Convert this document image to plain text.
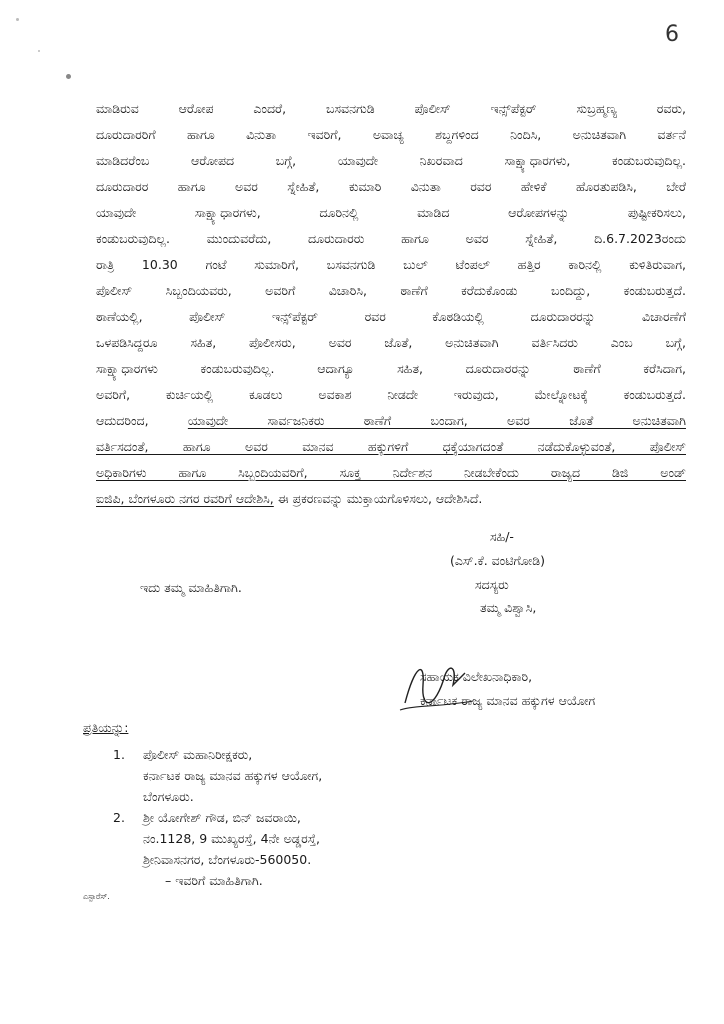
6
ಮಾಡಿರುವ ಆರೋಪ ಎಂದರೆ, ಬಸವನಗುಡಿ ಪೊಲೀಸ್ ಇನ್ಸ್‌ಪೆಕ್ಟರ್ ಸುಬ್ರಹ್ಮಣ್ಯ ರವರು,
ದೂರುದಾರರಿಗೆ ಹಾಗೂ ವಿನುತಾ ಇವರಿಗೆ, ಅವಾಚ್ಯ ಶಬ್ದಗಳಿಂದ ನಿಂದಿಸಿ, ಅನುಚಿತವಾಗಿ ವರ್ತನೆ
ಮಾಡಿದರೆಂಬ ಆರೋಪದ ಬಗ್ಗೆ, ಯಾವುದೇ ನಿಖರವಾದ ಸಾಕ್ಷ್ಯಾಧಾರಗಳು, ಕಂಡುಬರುವುದಿಲ್ಲ.
ದೂರುದಾರರ ಹಾಗೂ ಅವರ ಸ್ನೇಹಿತೆ, ಕುಮಾರಿ ವಿನುತಾ ರವರ ಹೇಳಿಕೆ ಹೊರತುಪಡಿಸಿ, ಬೇರೆ
ಯಾವುದೇ ಸಾಕ್ಷ್ಯಾಧಾರಗಳು, ದೂರಿನಲ್ಲಿ ಮಾಡಿದ ಆರೋಪಗಳನ್ನು ಪುಷ್ಟೀಕರಿಸಲು,
ಕಂಡುಬರುವುದಿಲ್ಲ. ಮುಂದುವರೆದು, ದೂರುದಾರರು ಹಾಗೂ ಅವರ ಸ್ನೇಹಿತೆ, ದಿ.6.7.2023ರಂದು
ರಾತ್ರಿ 10.30 ಗಂಟೆ ಸುಮಾರಿಗೆ, ಬಸವನಗುಡಿ ಬುಲ್ ಟೆಂಪಲ್ ಹತ್ತಿರ ಕಾರಿನಲ್ಲಿ ಕುಳಿತಿರುವಾಗ,
ಪೊಲೀಸ್ ಸಿಬ್ಬಂದಿಯವರು, ಅವರಿಗೆ ವಿಚಾರಿಸಿ, ಠಾಣೆಗೆ ಕರೆದುಕೊಂಡು ಬಂದಿದ್ದು, ಕಂಡುಬರುತ್ತದೆ.
ಠಾಣೆಯಲ್ಲಿ, ಪೊಲೀಸ್ ಇನ್ಸ್‌ಪೆಕ್ಟರ್ ರವರ ಕೊಠಡಿಯಲ್ಲಿ ದೂರುದಾರರನ್ನು ವಿಚಾರಣೆಗೆ
ಒಳಪಡಿಸಿದ್ದರೂ ಸಹಿತ, ಪೊಲೀಸರು, ಅವರ ಜೊತೆ, ಅನುಚಿತವಾಗಿ ವರ್ತಿಸಿದರು ಎಂಬ ಬಗ್ಗೆ,
ಸಾಕ್ಷ್ಯಾಧಾರಗಳು ಕಂಡುಬರುವುದಿಲ್ಲ. ಆದಾಗ್ಯೂ ಸಹಿತ, ದೂರುದಾರರನ್ನು ಠಾಣೆಗೆ ಕರೆಸಿದಾಗ,
ಅವರಿಗೆ, ಕುರ್ಚಿಯಲ್ಲಿ ಕೂಡಲು ಅವಕಾಶ ನೀಡದೇ ಇರುವುದು, ಮೇಲ್ನೋಟಕ್ಕೆ ಕಂಡುಬರುತ್ತದೆ.
ಆದುದರಿಂದ, ಯಾವುದೇ ಸಾರ್ವಜನಿಕರು ಠಾಣೆಗೆ ಬಂದಾಗ, ಅವರ ಜೊತೆ ಅನುಚಿತವಾಗಿ
ವರ್ತಿಸದಂತೆ, ಹಾಗೂ ಅವರ ಮಾನವ ಹಕ್ಕುಗಳಿಗೆ ಧಕ್ಕೆಯಾಗದಂತೆ ನಡೆದುಕೊಳ್ಳುವಂತೆ, ಪೊಲೀಸ್
ಅಧಿಕಾರಿಗಳು ಹಾಗೂ ಸಿಬ್ಬಂದಿಯವರಿಗೆ, ಸೂಕ್ತ ನಿರ್ದೇಶನ ನೀಡಬೇಕೆಂದು ರಾಜ್ಯದ ಡಿಜಿ ಅಂಡ್
ಐಜಿಪಿ, ಬೆಂಗಳೂರು ನಗರ ರವರಿಗೆ ಆದೇಶಿಸಿ, ಈ ಪ್ರಕರಣವನ್ನು ಮುಕ್ತಾಯಗೊಳಿಸಲು, ಆದೇಶಿಸಿದೆ.
ಸಹಿ/-
(ಎಸ್.ಕೆ. ವಂಟಿಗೋಡಿ)
ಸದಸ್ಯರು
ಇದು ತಮ್ಮ ಮಾಹಿತಿಗಾಗಿ.
ತಮ್ಮ ವಿಶ್ವಾಸಿ,
ಸಹಾಯಕ ವಿಲೇಖನಾಧಿಕಾರಿ,
ಕರ್ನಾಟಕ ರಾಜ್ಯ ಮಾನವ ಹಕ್ಕುಗಳ ಆಯೋಗ
ಪ್ರತಿಯನ್ನು:
1. ಪೊಲೀಸ್ ಮಹಾನಿರೀಕ್ಷಕರು,
ಕರ್ನಾಟಕ ರಾಜ್ಯ ಮಾನವ ಹಕ್ಕುಗಳ ಆಯೋಗ,
ಬೆಂಗಳೂರು.
2. ಶ್ರೀ ಯೋಗೇಶ್ ಗೌಡ, ಬಿನ್ ಜವರಾಯಿ,
ನಂ.1128, 9 ಮುಖ್ಯರಸ್ತೆ, 4ನೇ ಅಡ್ಡರಸ್ತೆ,
ಶ್ರೀನಿವಾಸನಗರ, ಬೆಂಗಳೂರು-560050.
– ಇವರಿಗೆ ಮಾಹಿತಿಗಾಗಿ.
ಎಸ್ಪಾರೆಸ್.
